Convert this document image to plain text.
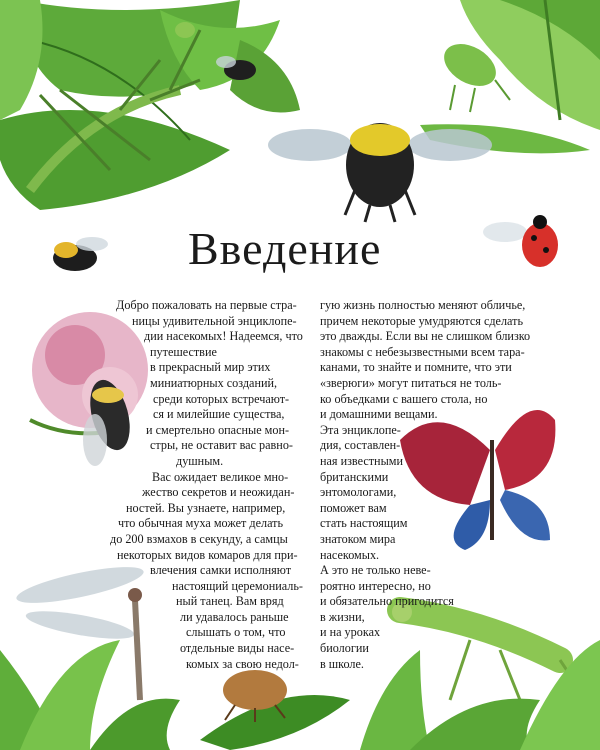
Введение
Добро пожаловать на первые стра-
ницы удивительной энциклопе-
дии насекомых! Надеемся, что
путешествие
в прекрасный мир этих
миниатюрных созданий,
среди которых встречают-
ся и милейшие существа,
и смертельно опасные мон-
стры, не оставит вас равно-
душным.
Вас ожидает великое мно-
жество секретов и неожидан-
ностей. Вы узнаете, например,
что обычная муха может делать
до 200 взмахов в секунду, а самцы
некоторых видов комаров для при-
влечения самки исполняют
настоящий церемониаль-
ный танец. Вам вряд
ли удавалось раньше
слышать о том, что
отдельные виды насе-
комых за свою недол-
гую жизнь полностью меняют обличье,
причем некоторые умудряются сделать
это дважды. Если вы не слишком близко
знакомы с небезызвестными всем тара-
канами, то знайте и помните, что эти
«зверюги» могут питаться не толь-
ко объедками с вашего стола, но
и домашними вещами.
Эта энциклопе-
дия, составлен-
ная известными
британскими
энтомологами,
поможет вам
стать настоящим
знатоком мира
насекомых.
А это не только неве-
роятно интересно, но
и обязательно пригодится
в жизни,
и на уроках
биологии
в школе.
